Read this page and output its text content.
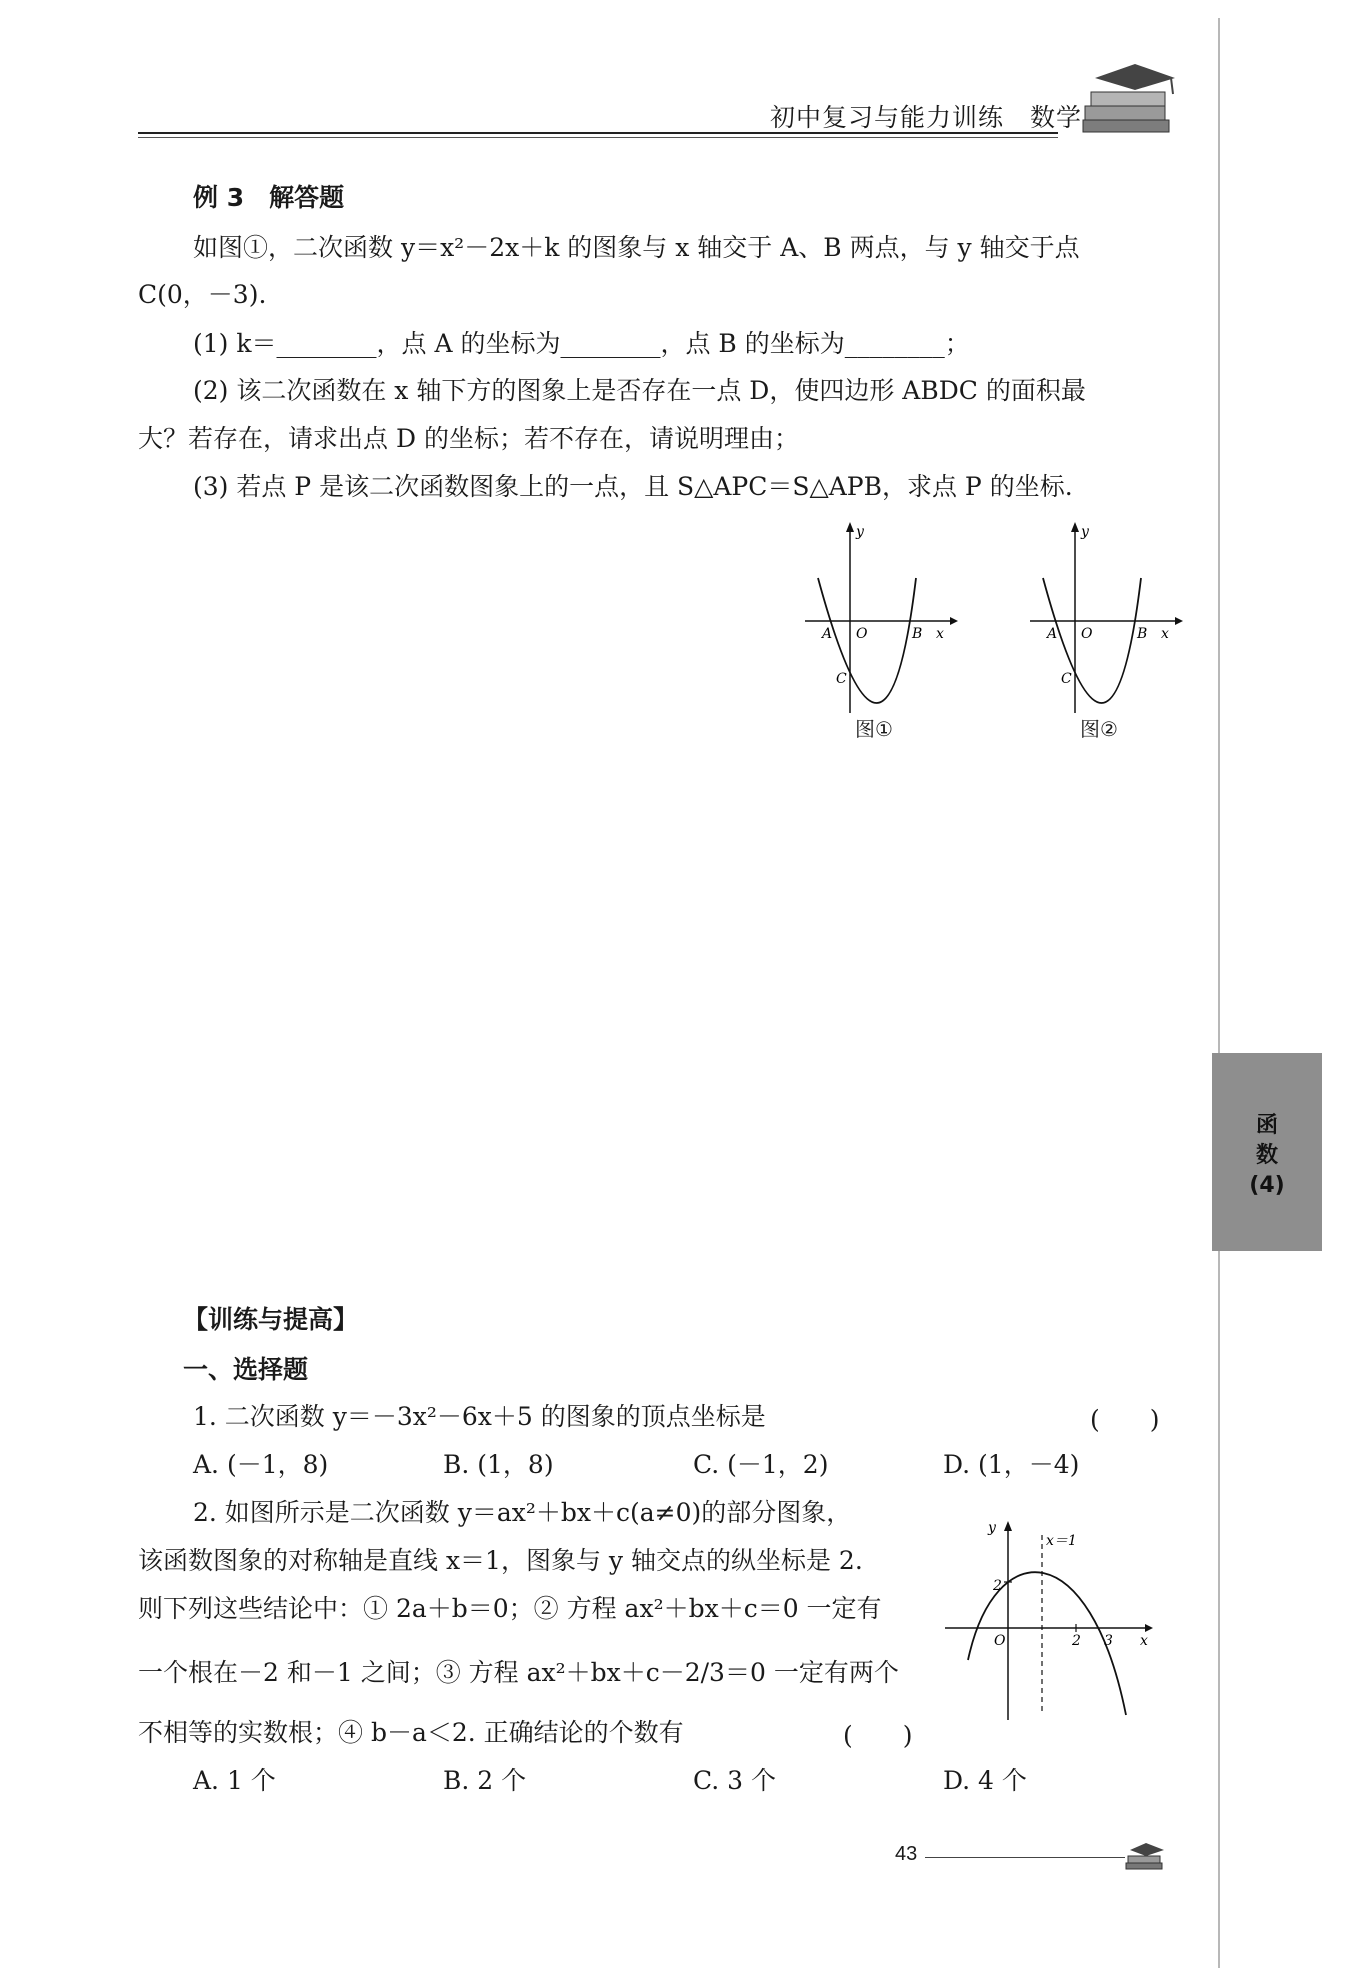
初中复习与能力训练　数学
例 3　解答题
如图①，二次函数 y＝x²－2x＋k 的图象与 x 轴交于 A、B 两点，与 y 轴交于点
C(0，－3).
(1) k＝________，点 A 的坐标为________，点 B 的坐标为________；
(2) 该二次函数在 x 轴下方的图象上是否存在一点 D，使四边形 ABDC 的面积最
大？若存在，请求出点 D 的坐标；若不存在，请说明理由；
(3) 若点 P 是该二次函数图象上的一点，且 S△APC＝S△APB，求点 P 的坐标.
y
A O	B x
C
图①
y
A O	B x
C
图②
函
数
(4)
【训练与提高】
一、选择题
1. 二次函数 y＝－3x²－6x＋5 的图象的顶点坐标是	(　　)
A. (－1，8)	B. (1，8)	C. (－1，2)	D. (1，－4)
2. 如图所示是二次函数 y＝ax²＋bx＋c(a≠0)的部分图象，
该函数图象的对称轴是直线 x＝1，图象与 y 轴交点的纵坐标是 2.
则下列这些结论中：① 2a＋b＝0；② 方程 ax²＋bx＋c＝0 一定有
一个根在－2 和－1 之间；③ 方程 ax²＋bx＋c－2/3＝0 一定有两个
不相等的实数根；④ b－a＜2. 正确结论的个数有	(　　)
A. 1 个	B. 2 个	C. 3 个	D. 4 个
y
x＝1
2
O	2 3 x
43
